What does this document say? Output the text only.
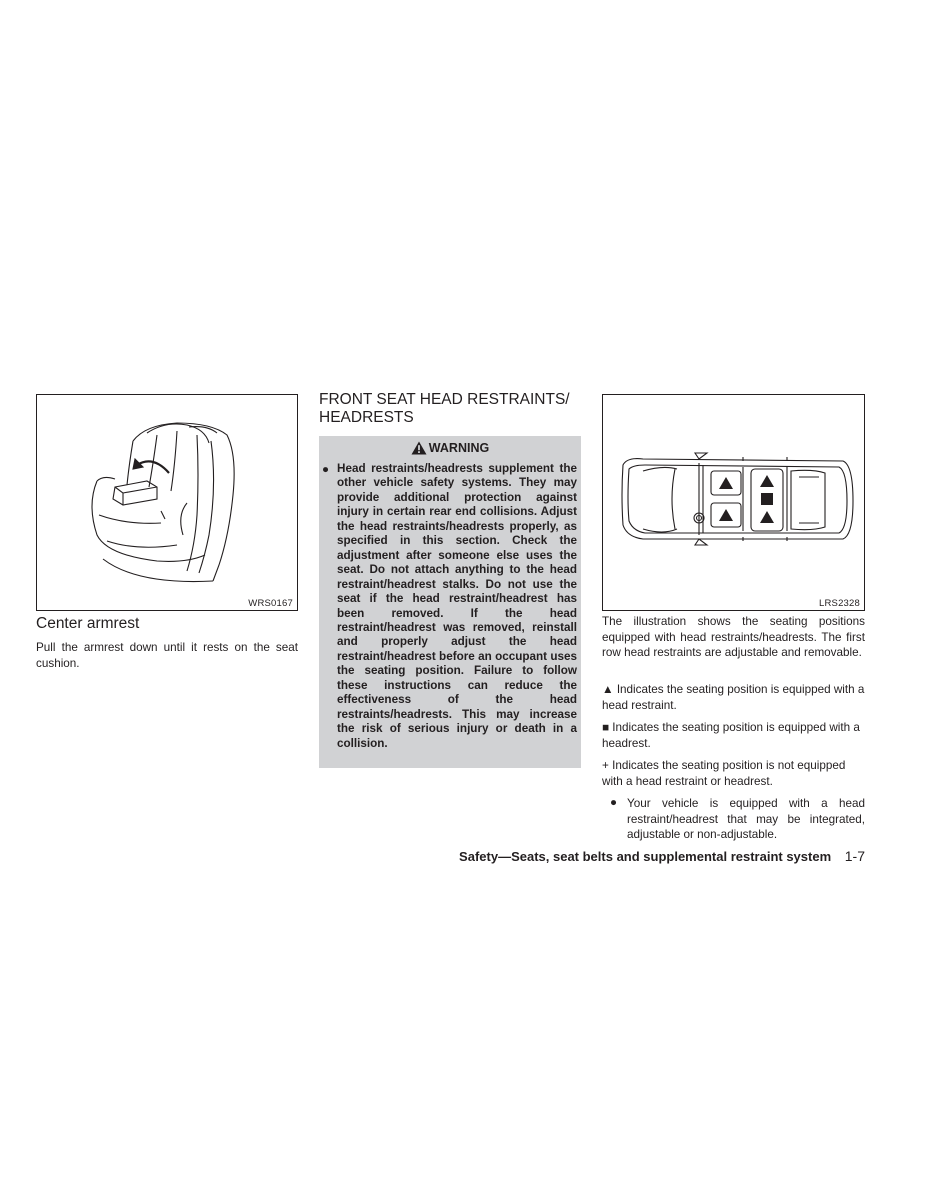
WRS0167
Center armrest

Pull the armrest down until it rests on the seat cushion.

FRONT SEAT HEAD RESTRAINTS/
HEADRESTS
WARNING
● Head restraints/headrests supplement the other vehicle safety systems. They may provide additional protection against injury in certain rear end collisions. Adjust the head restraints/headrests properly, as specified in this section. Check the adjustment after someone else uses the seat. Do not attach anything to the head restraint/headrest stalks. Do not use the seat if the head restraint/headrest has been removed. If the head restraint/headrest was removed, reinstall and properly adjust the head restraint/headrest before an occupant uses the seating position. Failure to follow these instructions can reduce the effectiveness of the head restraints/headrests. This may increase the risk of serious injury or death in a collision.

LRS2328

The illustration shows the seating positions equipped with head restraints/headrests. The first row head restraints are adjustable and removable.

▲ Indicates the seating position is equipped with a head restraint.

■ Indicates the seating position is equipped with a headrest.

+ Indicates the seating position is not equipped with a head restraint or headrest.

● Your vehicle is equipped with a head restraint/headrest that may be integrated, adjustable or non-adjustable.

Safety—Seats, seat belts and supplemental restraint system 1-7
